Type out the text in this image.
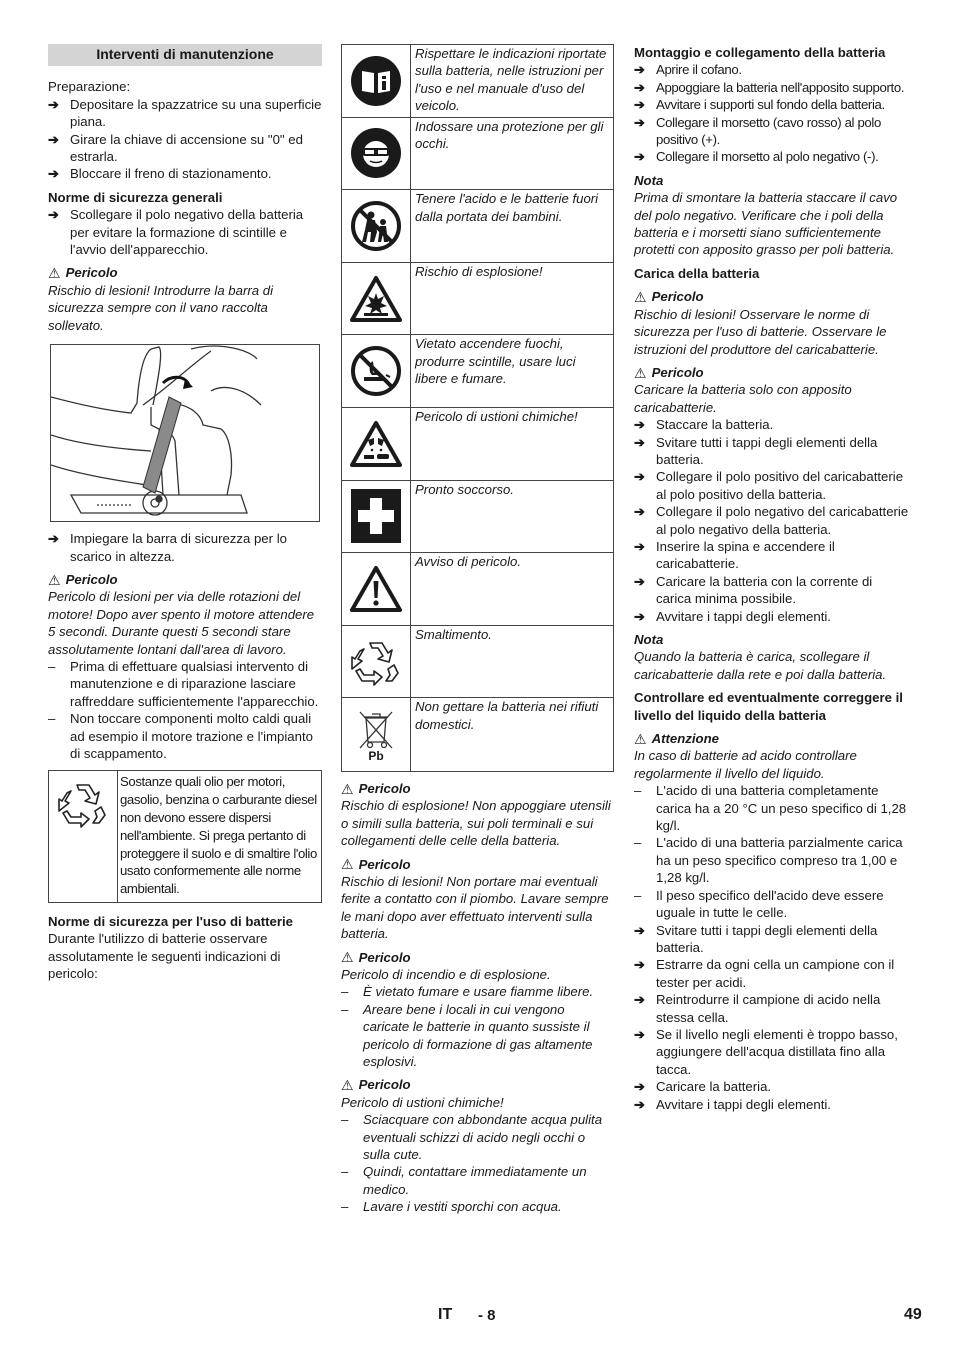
Interventi di manutenzione

Preparazione:

➔ Depositare la spazzatrice su una superficie piana.

➔ Girare la chiave di accensione su "0" ed estrarla.

➔ Bloccare il freno di stazionamento.

Norme di sicurezza generali

➔ Scollegare il polo negativo della batteria per evitare la formazione di scintille e l'avvio dell'apparecchio.

⚠ Pericolo

Rischio di lesioni! Introdurre la barra di sicurezza sempre con il vano raccolta sollevato.

➔ Impiegare la barra di sicurezza per lo scarico in altezza.

⚠ Pericolo

Pericolo di lesioni per via delle rotazioni del motore! Dopo aver spento il motore attendere 5 secondi. Durante questi 5 secondi stare assolutamente lontani dall'area di lavoro.

– Prima di effettuare qualsiasi intervento di manutenzione e di riparazione lasciare raffreddare sufficientemente l'apparecchio.

– Non toccare componenti molto caldi quali ad esempio il motore trazione e l'impianto di scappamento.

Sostanze quali olio per motori, gasolio, benzina o carburante diesel non devono essere dispersi nell'ambiente. Si prega pertanto di proteggere il suolo e di smaltire l'olio usato conformemente alle norme ambientali.

Norme di sicurezza per l'uso di batterie

Durante l'utilizzo di batterie osservare assolutamente le seguenti indicazioni di pericolo:

Rispettare le indicazioni riportate sulla batteria, nelle istruzioni per l'uso e nel manuale d'uso del veicolo.
Indossare una protezione per gli occhi.
Tenere l'acido e le batterie fuori dalla portata dei bambini.
Rischio di esplosione!
Vietato accendere fuochi, produrre scintille, usare luci libere e fumare.
Pericolo di ustioni chimiche!
Pronto soccorso.
Avviso di pericolo.
Smaltimento.
Pb
Non gettare la batteria nei rifiuti domestici.

⚠ Pericolo

Rischio di esplosione! Non appoggiare utensili o simili sulla batteria, sui poli terminali e sui collegamenti delle celle della batteria.

⚠ Pericolo

Rischio di lesioni! Non portare mai eventuali ferite a contatto con il piombo. Lavare sempre le mani dopo aver effettuato interventi sulla batteria.

⚠ Pericolo

Pericolo di incendio e di esplosione.

– È vietato fumare e usare fiamme libere.

– Areare bene i locali in cui vengono caricate le batterie in quanto sussiste il pericolo di formazione di gas altamente esplosivi.

⚠ Pericolo

Pericolo di ustioni chimiche!

– Sciacquare con abbondante acqua pulita eventuali schizzi di acido negli occhi o sulla cute.

– Quindi, contattare immediatamente un medico.

– Lavare i vestiti sporchi con acqua.

Montaggio e collegamento della batteria

➔ Aprire il cofano.

➔ Appoggiare la batteria nell'apposito supporto.

➔ Avvitare i supporti sul fondo della batteria.

➔ Collegare il morsetto (cavo rosso) al polo positivo (+).

➔ Collegare il morsetto al polo negativo (-).

Nota

Prima di smontare la batteria staccare il cavo del polo negativo. Verificare che i poli della batteria e i morsetti siano sufficientemente protetti con apposito grasso per poli batteria.

Carica della batteria

⚠ Pericolo

Rischio di lesioni! Osservare le norme di sicurezza per l'uso di batterie. Osservare le istruzioni del produttore del caricabatterie.

⚠ Pericolo

Caricare la batteria solo con apposito caricabatterie.

➔ Staccare la batteria.

➔ Svitare tutti i tappi degli elementi della batteria.

➔ Collegare il polo positivo del caricabatterie al polo positivo della batteria.

➔ Collegare il polo negativo del caricabatterie al polo negativo della batteria.

➔ Inserire la spina e accendere il caricabatterie.

➔ Caricare la batteria con la corrente di carica minima possibile.

➔ Avvitare i tappi degli elementi.

Nota

Quando la batteria è carica, scollegare il caricabatterie dalla rete e poi dalla batteria.

Controllare ed eventualmente correggere il livello del liquido della batteria

⚠ Attenzione

In caso di batterie ad acido controllare regolarmente il livello del liquido.

– L'acido di una batteria completamente carica ha a 20 °C un peso specifico di 1,28 kg/l.

– L'acido di una batteria parzialmente carica ha un peso specifico compreso tra 1,00 e 1,28 kg/l.

– Il peso specifico dell'acido deve essere uguale in tutte le celle.

➔ Svitare tutti i tappi degli elementi della batteria.

➔ Estrarre da ogni cella un campione con il tester per acidi.

➔ Reintrodurre il campione di acido nella stessa cella.

➔ Se il livello negli elementi è troppo basso, aggiungere dell'acqua distillata fino alla tacca.

➔ Caricare la batteria.

➔ Avvitare i tappi degli elementi.

IT - 8	49
